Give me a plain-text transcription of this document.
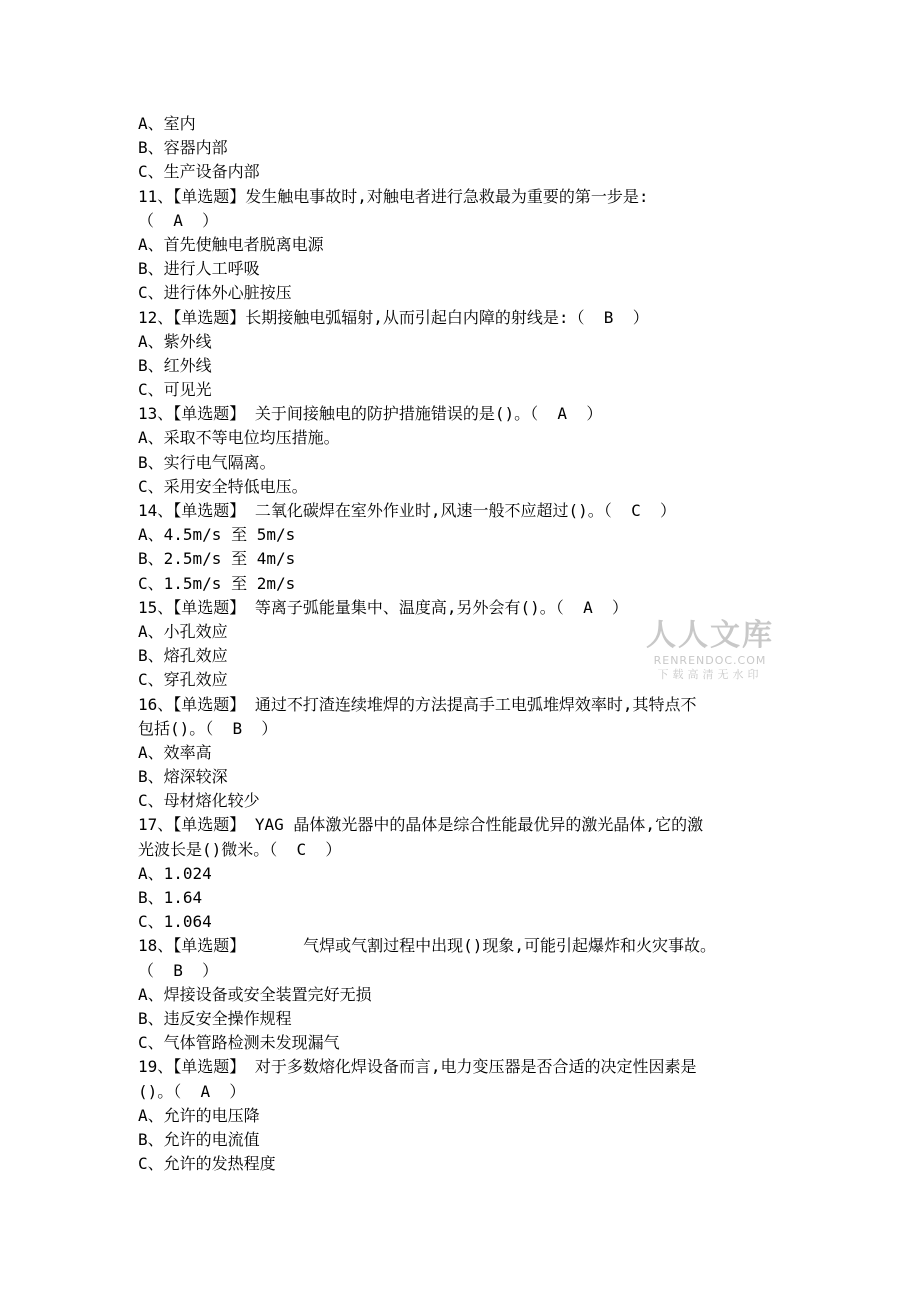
A、室内
B、容器内部
C、生产设备内部
11、【单选题】发生触电事故时,对触电者进行急救最为重要的第一步是:
（  A  ）
A、首先使触电者脱离电源
B、进行人工呼吸
C、进行体外心脏按压
12、【单选题】长期接触电弧辐射,从而引起白内障的射线是:（  B  ）
A、紫外线
B、红外线
C、可见光
13、【单选题】 关于间接触电的防护措施错误的是()。（  A  ）
A、采取不等电位均压措施。
B、实行电气隔离。
C、采用安全特低电压。
14、【单选题】 二氧化碳焊在室外作业时,风速一般不应超过()。（  C  ）
A、4.5m/s 至 5m/s
B、2.5m/s 至 4m/s
C、1.5m/s 至 2m/s
15、【单选题】 等离子弧能量集中、温度高,另外会有()。（  A  ）
A、小孔效应
B、熔孔效应
C、穿孔效应
16、【单选题】 通过不打渣连续堆焊的方法提高手工电弧堆焊效率时,其特点不
包括()。（  B  ）
A、效率高
B、熔深较深
C、母材熔化较少
17、【单选题】 YAG 晶体激光器中的晶体是综合性能最优异的激光晶体,它的激
光波长是()微米。（  C  ）
A、1.024
B、1.64
C、1.064
18、【单选题】      气焊或气割过程中出现()现象,可能引起爆炸和火灾事故。
（  B  ）
A、焊接设备或安全装置完好无损
B、违反安全操作规程
C、气体管路检测未发现漏气
19、【单选题】 对于多数熔化焊设备而言,电力变压器是否合适的决定性因素是
()。（  A  ）
A、允许的电压降
B、允许的电流值
C、允许的发热程度
人人文库
RENRENDOC.COM
下载高清无水印
